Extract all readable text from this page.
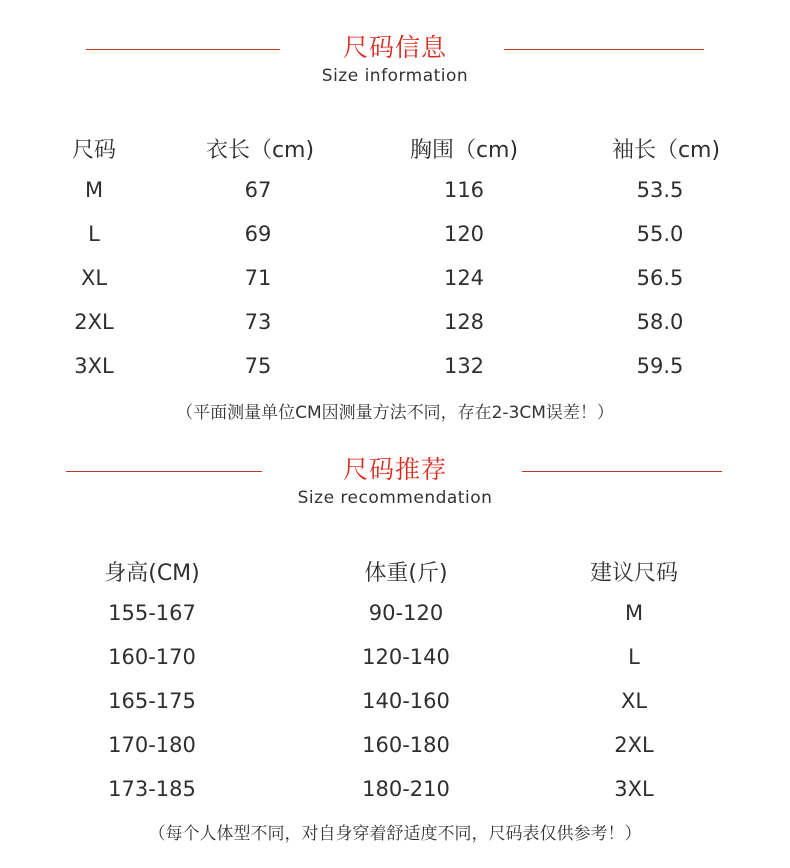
尺码信息
Size information
尺码	衣长（cm)	胸围（cm)	袖长（cm)
M	67	116	53.5
L	69	120	55.0
XL	71	124	56.5
2XL	73	128	58.0
3XL	75	132	59.5
（平面测量单位CM因测量方法不同，存在2-3CM误差！）
尺码推荐
Size recommendation
身高(CM)	体重(斤)	建议尺码
155-167	90-120	M
160-170	120-140	L
165-175	140-160	XL
170-180	160-180	2XL
173-185	180-210	3XL
（每个人体型不同，对自身穿着舒适度不同，尺码表仅供参考！）
